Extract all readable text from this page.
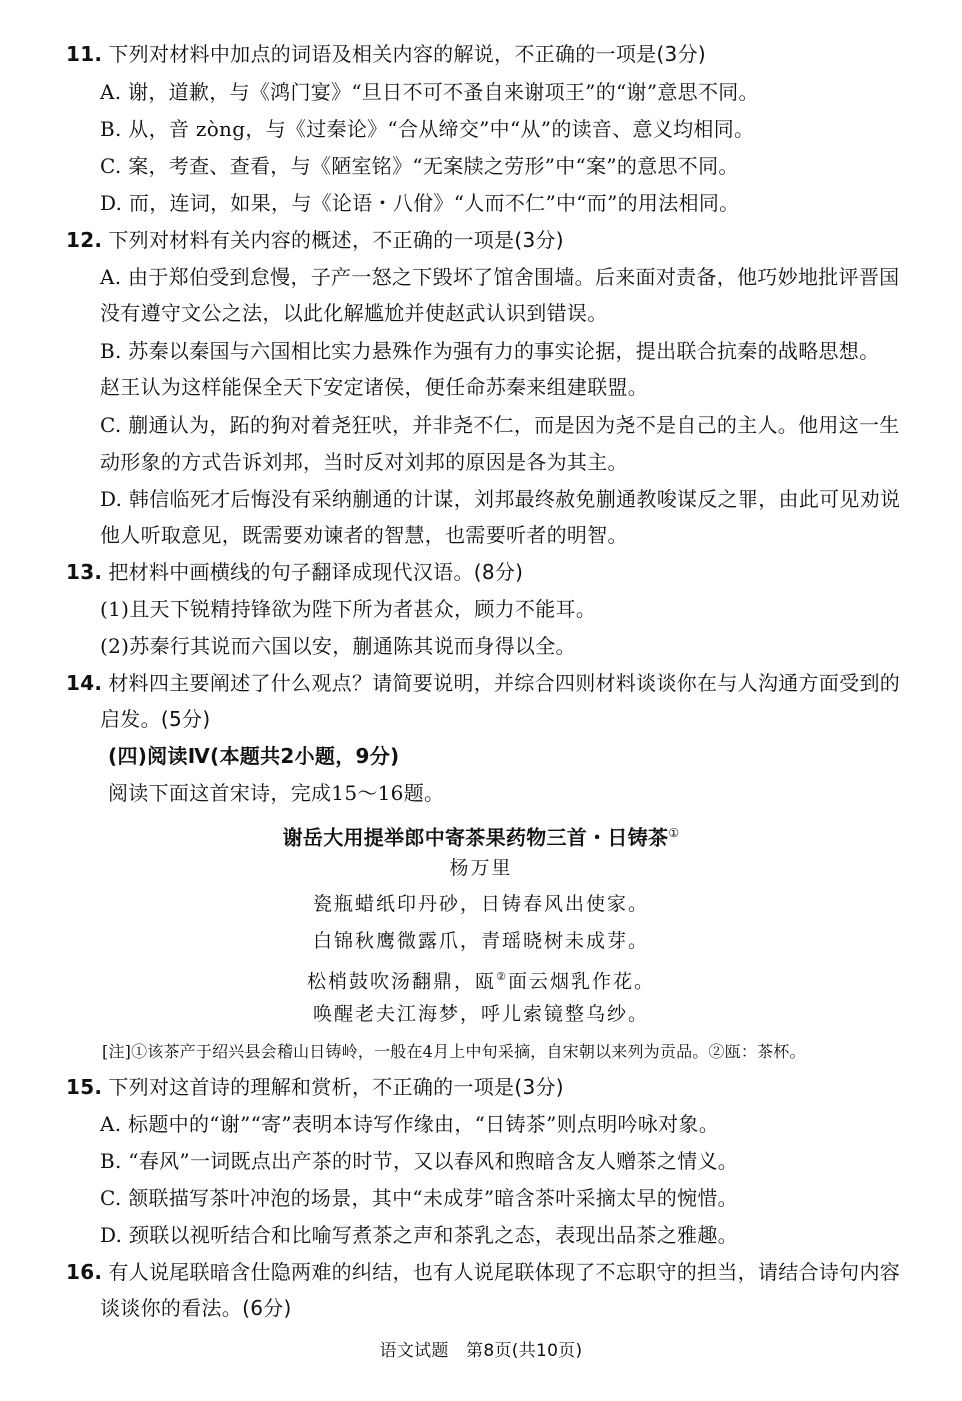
11. 下列对材料中加点的词语及相关内容的解说，不正确的一项是(3分)
A. 谢，道歉，与《鸿门宴》“旦日不可不蚤自来谢项王”的“谢”意思不同。
B. 从，音 zòng，与《过秦论》“合从缔交”中“从”的读音、意义均相同。
C. 案，考查、查看，与《陋室铭》“无案牍之劳形”中“案”的意思不同。
D. 而，连词，如果，与《论语・八佾》“人而不仁”中“而”的用法相同。
12. 下列对材料有关内容的概述，不正确的一项是(3分)
A. 由于郑伯受到怠慢，子产一怒之下毁坏了馆舍围墙。后来面对责备，他巧妙地批评晋国
没有遵守文公之法，以此化解尴尬并使赵武认识到错误。
B. 苏秦以秦国与六国相比实力悬殊作为强有力的事实论据，提出联合抗秦的战略思想。
赵王认为这样能保全天下安定诸侯，便任命苏秦来组建联盟。
C. 蒯通认为，跖的狗对着尧狂吠，并非尧不仁，而是因为尧不是自己的主人。他用这一生
动形象的方式告诉刘邦，当时反对刘邦的原因是各为其主。
D. 韩信临死才后悔没有采纳蒯通的计谋，刘邦最终赦免蒯通教唆谋反之罪，由此可见劝说
他人听取意见，既需要劝谏者的智慧，也需要听者的明智。
13. 把材料中画横线的句子翻译成现代汉语。(8分)
(1)且天下锐精持锋欲为陛下所为者甚众，顾力不能耳。
(2)苏秦行其说而六国以安，蒯通陈其说而身得以全。
14. 材料四主要阐述了什么观点？请简要说明，并综合四则材料谈谈你在与人沟通方面受到的
启发。(5分)
(四)阅读Ⅳ(本题共2小题，9分)
阅读下面这首宋诗，完成15～16题。
谢岳大用提举郎中寄茶果药物三首・日铸茶①
杨万里
瓷瓶蜡纸印丹砂，日铸春风出使家。
白锦秋鹰微露爪，青瑶晓树未成芽。
松梢鼓吹汤翻鼎，瓯②面云烟乳作花。
唤醒老夫江海梦，呼儿索镜整乌纱。
[注]①该茶产于绍兴县会稽山日铸岭，一般在4月上中旬采摘，自宋朝以来列为贡品。②瓯：茶杯。
15. 下列对这首诗的理解和赏析，不正确的一项是(3分)
A. 标题中的“谢”“寄”表明本诗写作缘由，“日铸茶”则点明吟咏对象。
B. “春风”一词既点出产茶的时节，又以春风和煦暗含友人赠茶之情义。
C. 颔联描写茶叶冲泡的场景，其中“未成芽”暗含茶叶采摘太早的惋惜。
D. 颈联以视听结合和比喻写煮茶之声和茶乳之态，表现出品茶之雅趣。
16. 有人说尾联暗含仕隐两难的纠结，也有人说尾联体现了不忘职守的担当，请结合诗句内容
谈谈你的看法。(6分)
语文试题　第8页(共10页)
